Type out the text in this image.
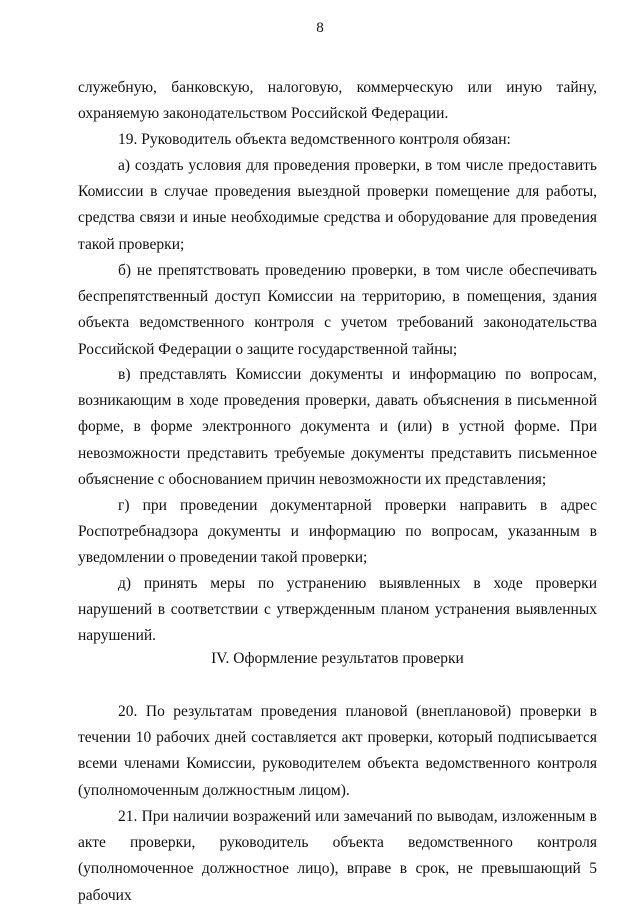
8
служебную, банковскую, налоговую, коммерческую или иную тайну, охраняемую законодательством Российской Федерации.
19. Руководитель объекта ведомственного контроля обязан:
а) создать условия для проведения проверки, в том числе предоставить Комиссии в случае проведения выездной проверки помещение для работы, средства связи и иные необходимые средства и оборудование для проведения такой проверки;
б) не препятствовать проведению проверки, в том числе обеспечивать беспрепятственный доступ Комиссии на территорию, в помещения, здания объекта ведомственного контроля с учетом требований законодательства Российской Федерации о защите государственной тайны;
в) представлять Комиссии документы и информацию по вопросам, возникающим в ходе проведения проверки, давать объяснения в письменной форме, в форме электронного документа и (или) в устной форме. При невозможности представить требуемые документы представить письменное объяснение с обоснованием причин невозможности их представления;
г) при проведении документарной проверки направить в адрес Роспотребнадзора документы и информацию по вопросам, указанным в уведомлении о проведении такой проверки;
д) принять меры по устранению выявленных в ходе проверки нарушений в соответствии с утвержденным планом устранения выявленных нарушений.
IV. Оформление результатов проверки
20. По результатам проведения плановой (внеплановой) проверки в течении 10 рабочих дней составляется акт проверки, который подписывается всеми членами Комиссии, руководителем объекта ведомственного контроля (уполномоченным должностным лицом).
21. При наличии возражений или замечаний по выводам, изложенным в акте проверки, руководитель объекта ведомственного контроля (уполномоченное должностное лицо), вправе в срок, не превышающий 5 рабочих
